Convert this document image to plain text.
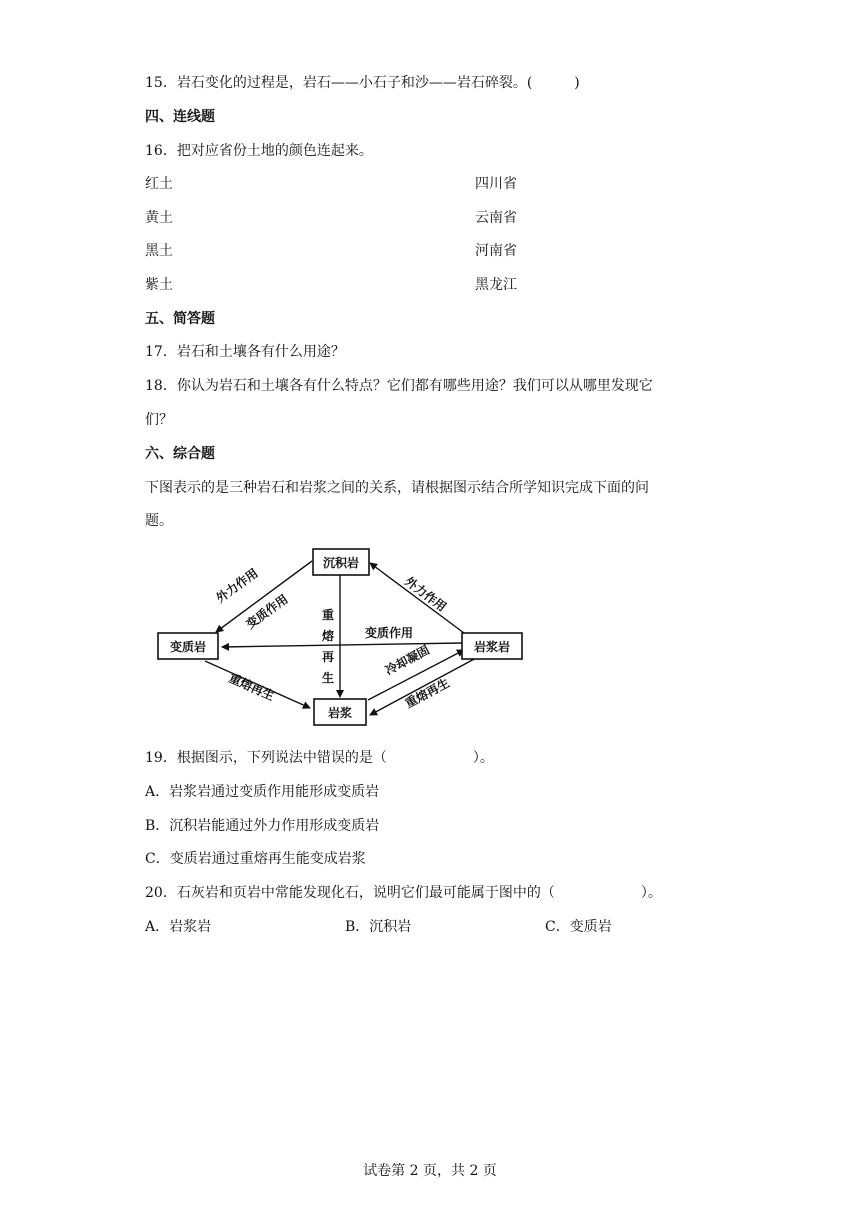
15．岩石变化的过程是，岩石——小石子和沙——岩石碎裂。(	)
四、连线题
16．把对应省份土地的颜色连起来。
红土	四川省
黄土	云南省
黑土	河南省
紫土	黑龙江
五、简答题
17．岩石和土壤各有什么用途？
18．你认为岩石和土壤各有什么特点？它们都有哪些用途？我们可以从哪里发现它
们？
六、综合题
下图表示的是三种岩石和岩浆之间的关系，请根据图示结合所学知识完成下面的问
题。
沉积岩
变质岩	岩浆岩
岩浆
外力作用
变质作用	外力作用
变质作用
重
熔
再
生
重熔再生
冷却凝固
重熔再生
19．根据图示，下列说法中错误的是（	）。
A．岩浆岩通过变质作用能形成变质岩
B．沉积岩能通过外力作用形成变质岩
C．变质岩通过重熔再生能变成岩浆
20．石灰岩和页岩中常能发现化石，说明它们最可能属于图中的（	）。
A．岩浆岩	B．沉积岩	C．变质岩
试卷第 2 页，共 2 页
